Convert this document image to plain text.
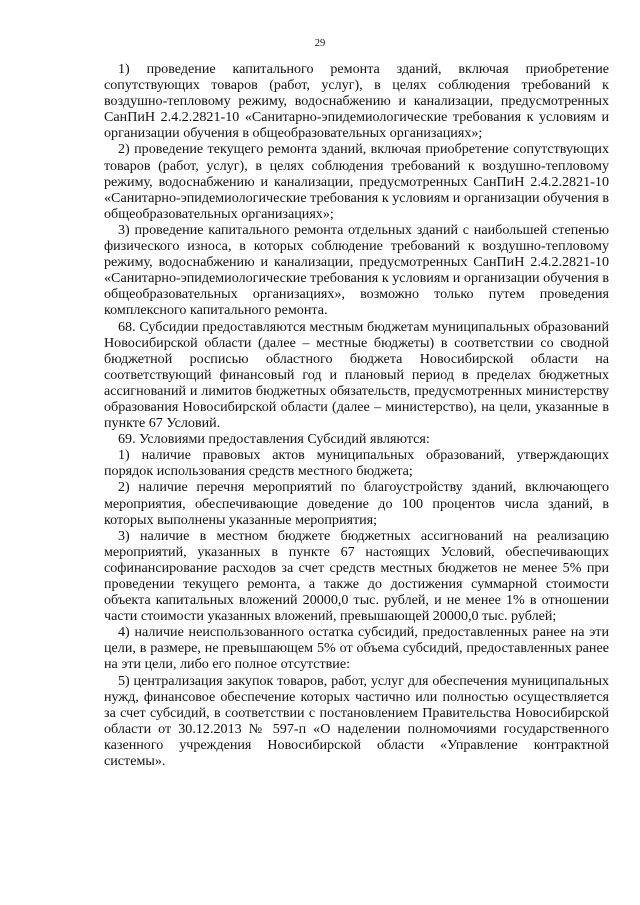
29

1) проведение капитального ремонта зданий, включая приобретение сопутствующих товаров (работ, услуг), в целях соблюдения требований к воздушно-тепловому режиму, водоснабжению и канализации, предусмотренных СанПиН 2.4.2.2821-10 «Санитарно-эпидемиологические требования к условиям и организации обучения в общеобразовательных организациях»;

2) проведение текущего ремонта зданий, включая приобретение сопутствующих товаров (работ, услуг), в целях соблюдения требований к воздушно-тепловому режиму, водоснабжению и канализации, предусмотренных СанПиН 2.4.2.2821-10 «Санитарно-эпидемиологические требования к условиям и организации обучения в общеобразовательных организациях»;

3) проведение капитального ремонта отдельных зданий с наибольшей степенью физического износа, в которых соблюдение требований к воздушно-тепловому режиму, водоснабжению и канализации, предусмотренных СанПиН 2.4.2.2821-10 «Санитарно-эпидемиологические требования к условиям и организации обучения в общеобразовательных организациях», возможно только путем проведения комплексного капитального ремонта.

68. Субсидии предоставляются местным бюджетам муниципальных образований Новосибирской области (далее – местные бюджеты) в соответствии со сводной бюджетной росписью областного бюджета Новосибирской области на соответствующий финансовый год и плановый период в пределах бюджетных ассигнований и лимитов бюджетных обязательств, предусмотренных министерству образования Новосибирской области (далее – министерство), на цели, указанные в пункте 67 Условий.

69. Условиями предоставления Субсидий являются:

1) наличие правовых актов муниципальных образований, утверждающих порядок использования средств местного бюджета;

2) наличие перечня мероприятий по благоустройству зданий, включающего мероприятия, обеспечивающие доведение до 100 процентов числа зданий, в которых выполнены указанные мероприятия;

3) наличие в местном бюджете бюджетных ассигнований на реализацию мероприятий, указанных в пункте 67 настоящих Условий, обеспечивающих софинансирование расходов за счет средств местных бюджетов не менее 5% при проведении текущего ремонта, а также до достижения суммарной стоимости объекта капитальных вложений 20000,0 тыс. рублей, и не менее 1% в отношении части стоимости указанных вложений, превышающей 20000,0 тыс. рублей;

4) наличие неиспользованного остатка субсидий, предоставленных ранее на эти цели, в размере, не превышающем 5% от объема субсидий, предоставленных ранее на эти цели, либо его полное отсутствие:

5) централизация закупок товаров, работ, услуг для обеспечения муниципальных нужд, финансовое обеспечение которых частично или полностью осуществляется за счет субсидий, в соответствии с постановлением Правительства Новосибирской области от 30.12.2013 № 597-п «О наделении полномочиями государственного казенного учреждения Новосибирской области «Управление контрактной системы».
